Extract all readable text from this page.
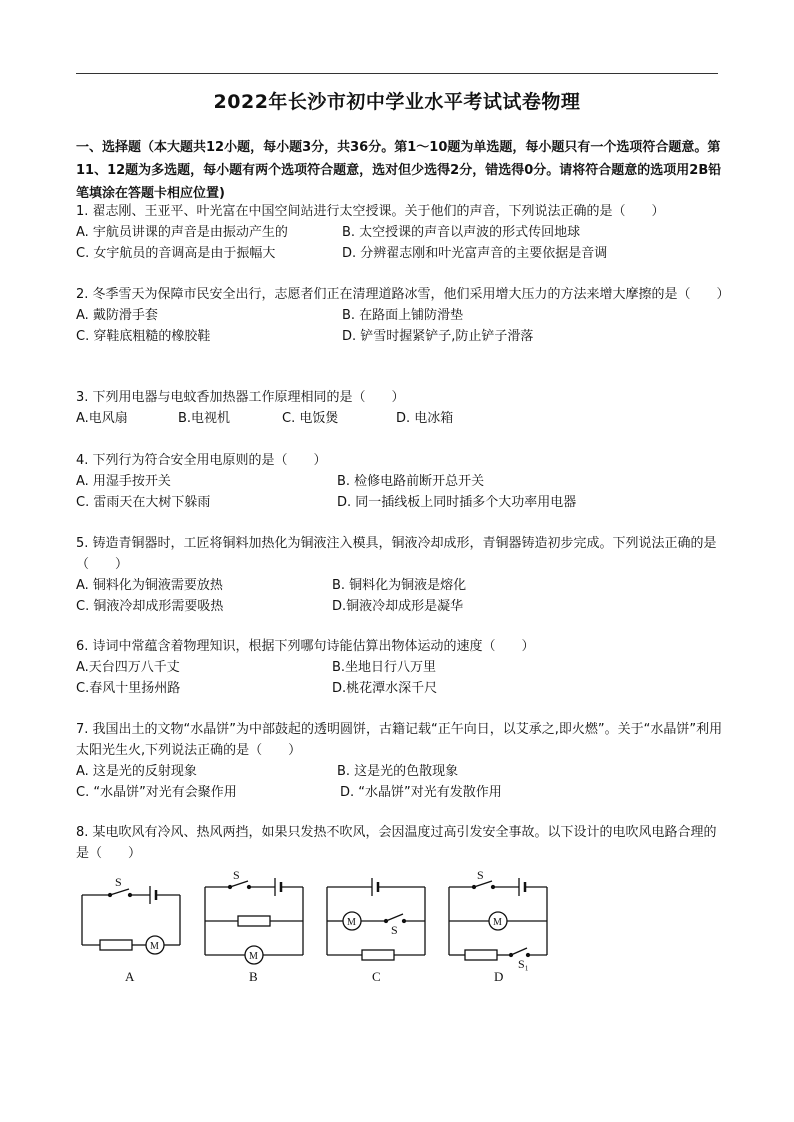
2022年长沙市初中学业水平考试试卷物理
一、选择题（本大题共12小题，每小题3分，共36分。第1～10题为单选题，每小题只有一个选项符合题意。第11、12题为多选题，每小题有两个选项符合题意，选对但少选得2分，错选得0分。请将符合题意的选项用2B铅笔填涂在答题卡相应位置)
1. 翟志刚、王亚平、叶光富在中国空间站进行太空授课。关于他们的声音，下列说法正确的是（　　）
A. 宇航员讲课的声音是由振动产生的	B. 太空授课的声音以声波的形式传回地球
C. 女宇航员的音调高是由于振幅大	D. 分辨翟志刚和叶光富声音的主要依据是音调
2. 冬季雪天为保障市民安全出行，志愿者们正在清理道路冰雪，他们采用增大压力的方法来增大摩擦的是（　　）
A. 戴防滑手套	B. 在路面上铺防滑垫
C. 穿鞋底粗糙的橡胶鞋	D. 铲雪时握紧铲子,防止铲子滑落
3. 下列用电器与电蚊香加热器工作原理相同的是（　　）
A.电风扇	B.电视机	C. 电饭煲	D. 电冰箱
4. 下列行为符合安全用电原则的是（　　）
A. 用湿手按开关	B. 检修电路前断开总开关
C. 雷雨天在大树下躲雨	D. 同一插线板上同时插多个大功率用电器
5. 铸造青铜器时，工匠将铜料加热化为铜液注入模具，铜液冷却成形，青铜器铸造初步完成。下列说法正确的是（　　）
A. 铜料化为铜液需要放热	B. 铜料化为铜液是熔化
C. 铜液冷却成形需要吸热	D.铜液冷却成形是凝华
6. 诗词中常蕴含着物理知识，根据下列哪句诗能估算出物体运动的速度（　　）
A.天台四万八千丈	B.坐地日行八万里
C.春风十里扬州路	D.桃花潭水深千尺
7. 我国出土的文物“水晶饼”为中部鼓起的透明圆饼，古籍记载“正午向日，以艾承之,即火燃”。关于“水晶饼”利用太阳光生火,下列说法正确的是（　　）
A. 这是光的反射现象	B. 这是光的色散现象
C. “水晶饼”对光有会聚作用	D. “水晶饼”对光有发散作用
8. 某电吹风有冷风、热风两挡，如果只发热不吹风，会因温度过高引发安全事故。以下设计的电吹风电路合理的是（　　）
S
M
A
S
M
B
M
S
C
S
M
S₁
D
